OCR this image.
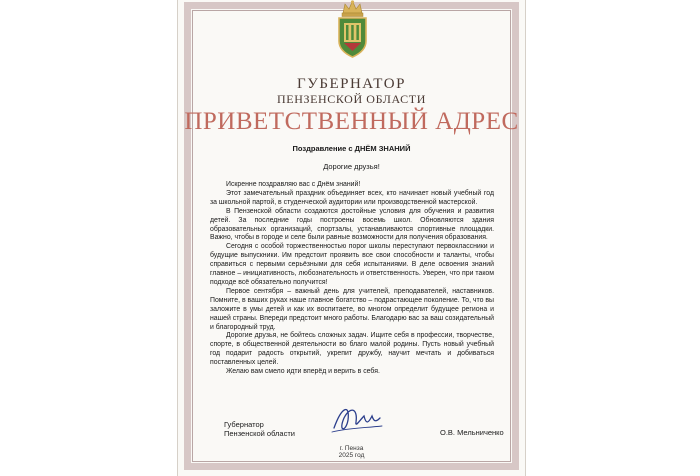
ГУБЕРНАТОР
ПЕНЗЕНСКОЙ ОБЛАСТИ
ПРИВЕТСТВЕННЫЙ АДРЕС
Поздравление с ДНЁМ ЗНАНИЙ
Дорогие друзья!

Искренне поздравляю вас с Днём знаний!

Этот замечательный праздник объединяет всех, кто начинает новый учебный год за школьной партой, в студенческой аудитории или производственной мастерской.

В Пензенской области создаются достойные условия для обучения и развития детей. За последние годы построены восемь школ. Обновляются здания образовательных организаций, спортзалы, устанавливаются спортивные площадки. Важно, чтобы в городе и селе были равные возможности для получения образования.

Сегодня с особой торжественностью порог школы переступают первоклассники и будущие выпускники. Им предстоит проявить все свои способности и таланты, чтобы справиться с первыми серьёзными для себя испытаниями. В деле освоения знаний главное – инициативность, любознательность и ответственность. Уверен, что при таком подходе всё обязательно получится!

Первое сентября – важный день для учителей, преподавателей, наставников. Помните, в ваших руках наше главное богатство – подрастающее поколение. То, что вы заложите в умы детей и как их воспитаете, во многом определит будущее региона и нашей страны. Впереди предстоит много работы. Благодарю вас за ваш созидательный и благородный труд.

Дорогие друзья, не бойтесь сложных задач. Ищите себя в профессии, творчестве, спорте, в общественной деятельности во благо малой родины. Пусть новый учебный год подарит радость открытий, укрепит дружбу, научит мечтать и добиваться поставленных целей.

Желаю вам смело идти вперёд и верить в себя.

Губернатор
Пензенской области	О.В. Мельниченко
г. Пенза
2025 год
